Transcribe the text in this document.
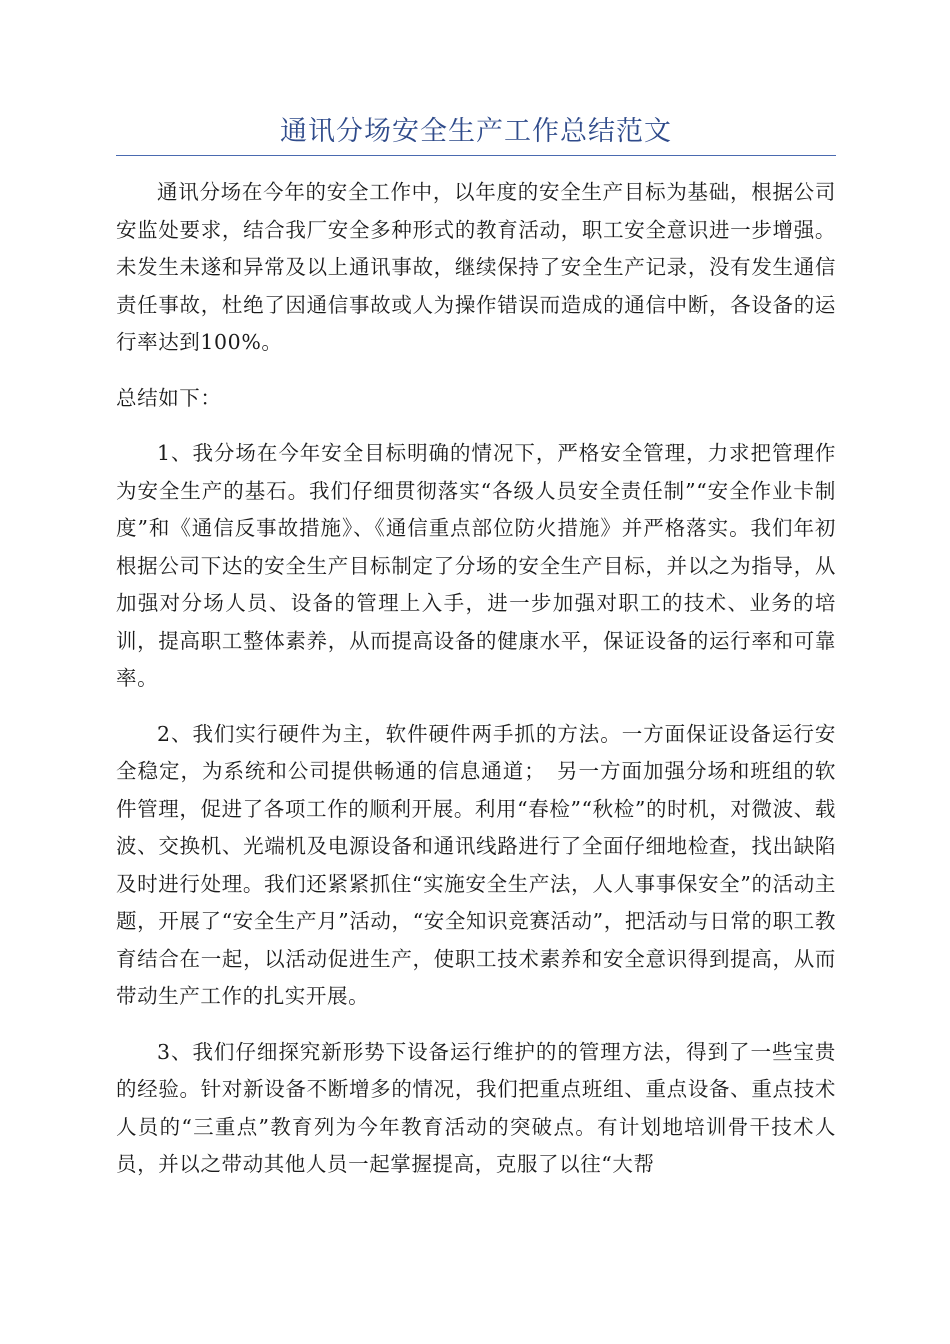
通讯分场安全生产工作总结范文

通讯分场在今年的安全工作中，以年度的安全生产目标为基础，根据公司安监处要求，结合我厂安全多种形式的教育活动，职工安全意识进一步增强。未发生未遂和异常及以上通讯事故，继续保持了安全生产记录，没有发生通信责任事故，杜绝了因通信事故或人为操作错误而造成的通信中断，各设备的运行率达到100%。

总结如下：

1、我分场在今年安全目标明确的情况下，严格安全管理，力求把管理作为安全生产的基石。我们仔细贯彻落实“各级人员安全责任制”“安全作业卡制度”和《通信反事故措施》、《通信重点部位防火措施》并严格落实。我们年初根据公司下达的安全生产目标制定了分场的安全生产目标，并以之为指导，从加强对分场人员、设备的管理上入手，进一步加强对职工的技术、业务的培训，提高职工整体素养，从而提高设备的健康水平，保证设备的运行率和可靠率。

2、我们实行硬件为主，软件硬件两手抓的方法。一方面保证设备运行安全稳定，为系统和公司提供畅通的信息通道；　另一方面加强分场和班组的软件管理，促进了各项工作的顺利开展。利用“春检”“秋检”的时机，对微波、载波、交换机、光端机及电源设备和通讯线路进行了全面仔细地检查，找出缺陷及时进行处理。我们还紧紧抓住“实施安全生产法，人人事事保安全”的活动主题，开展了“安全生产月”活动，“安全知识竞赛活动”，把活动与日常的职工教育结合在一起，以活动促进生产，使职工技术素养和安全意识得到提高，从而带动生产工作的扎实开展。

3、我们仔细探究新形势下设备运行维护的的管理方法，得到了一些宝贵的经验。针对新设备不断增多的情况，我们把重点班组、重点设备、重点技术人员的“三重点”教育列为今年教育活动的突破点。有计划地培训骨干技术人员，并以之带动其他人员一起掌握提高，克服了以往“大帮
